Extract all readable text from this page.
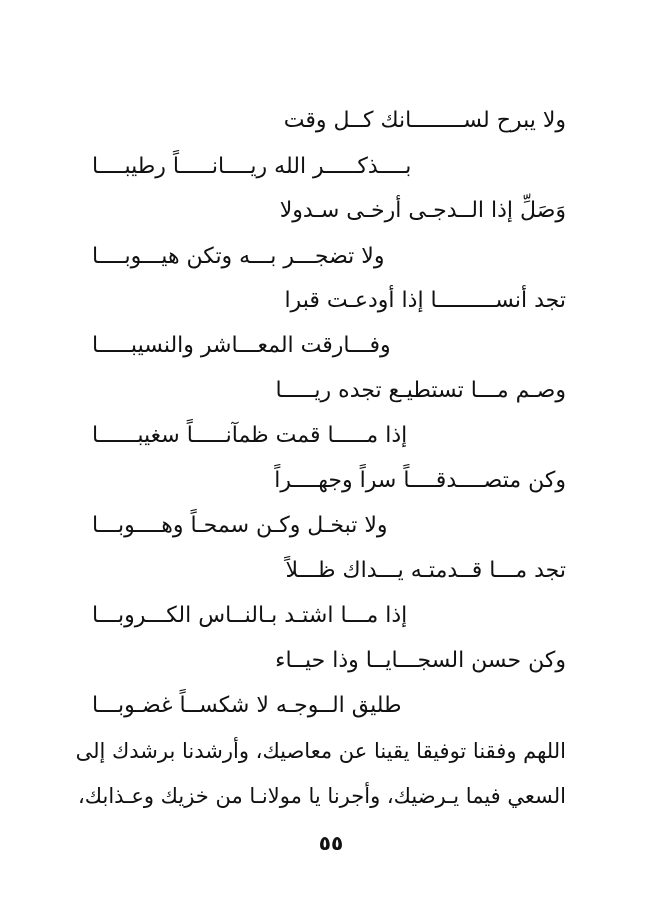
ولا يبرح لســــــــانك كــل وقت
بــــذكـــــر الله ريــــانـــــاً رطيبــــا
وَصَلِّ إذا الــدجـى أرخـى سـدولا
ولا تضجـــر بـــه وتكن هيـــوبــــا
تجد أنســـــــــا إذا أودعـت قبرا
وفـــارقت المعـــاشر والنسيبـــــا
وصـم مـــا تستطيـع تجده ريـــــا
إذا مـــــا قمت ظمآنـــــاً سغيبــــــا
وكن متصــــدقــــاً سراً وجهــــراً
ولا تبخـل وكـن سمحـاً وهــــوبـــا
تجد مـــا قــدمتـه يـــداك ظـــلاً
إذا مـــا اشتـد بـالنــاس الكـــروبـــا
وكن حسن السجـــايــا وذا حيــاء
طليق الــوجـه لا شكســاً غضـوبـــا
اللهم وفقنا توفيقا يقينا عن معاصيك، وأرشدنا برشدك إلى
السعي فيما يـرضيك، وأجرنا يا مولانـا من خزيك وعـذابك،
٥٥
